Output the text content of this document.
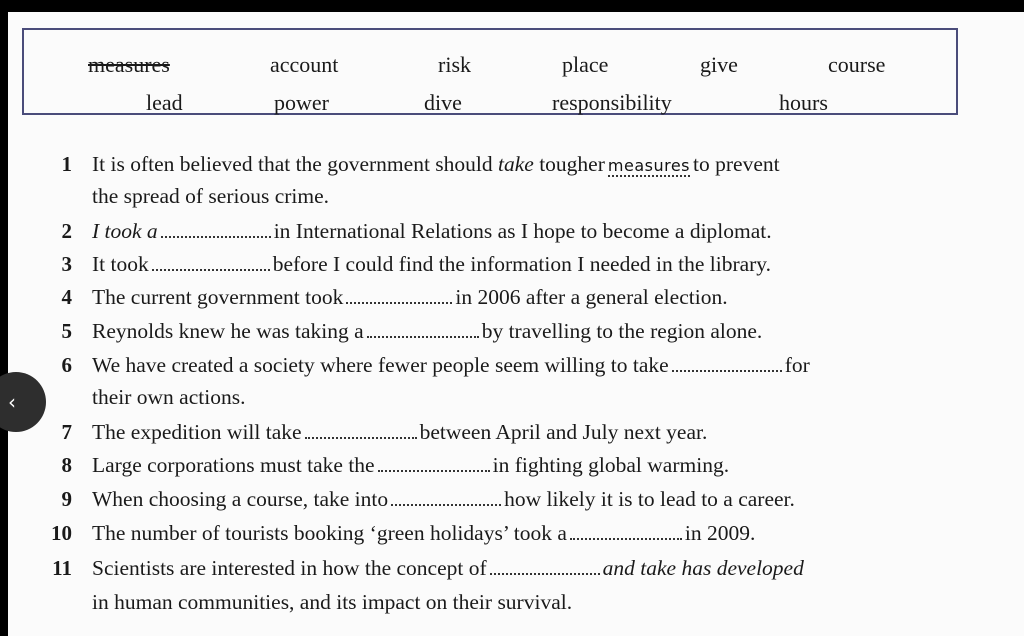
measures	account	risk	place	give	course
lead	power	dive	responsibility	hours
1 It is often believed that the government should take tougher measures to prevent
the spread of serious crime.
2 I took a	in International Relations as I hope to become a diplomat.
3 It took	before I could find the information I needed in the library.
4 The current government took	in 2006 after a general election.
5 Reynolds knew he was taking a	by travelling to the region alone.
6 We have created a society where fewer people seem willing to take	for
their own actions.
7 The expedition will take	between April and July next year.
8 Large corporations must take the	in fighting global warming.
9 When choosing a course, take into	how likely it is to lead to a career.
10 The number of tourists booking ‘green holidays’ took a	in 2009.
11 Scientists are interested in how the concept of	and take has developed
in human communities, and its impact on their survival.
‹
